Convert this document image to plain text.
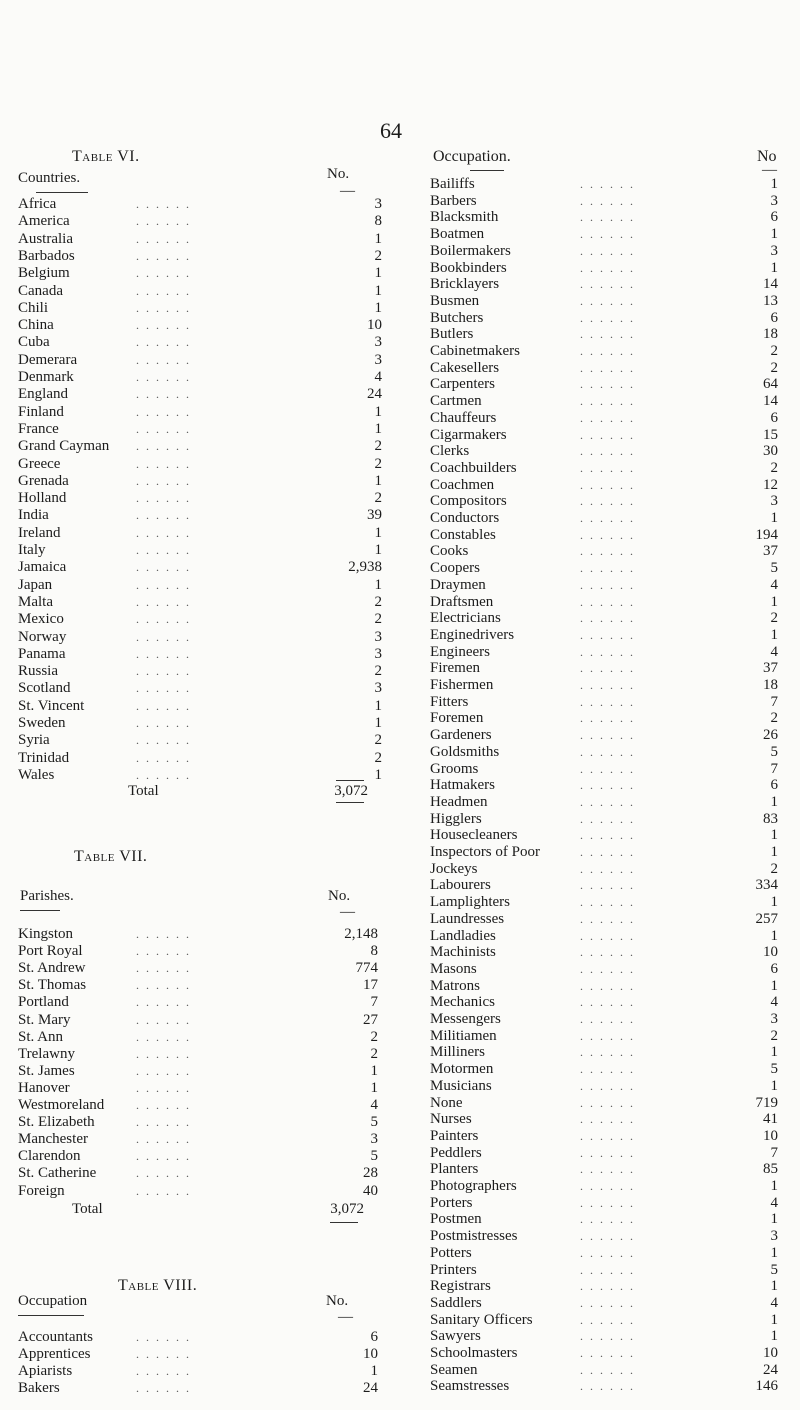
64
Table VI.
Countries.	No.
—
Africa	. . . . . .	3
America	. . . . . .	8
Australia	. . . . . .	1
Barbados	. . . . . .	2
Belgium	. . . . . .	1
Canada	. . . . . .	1
Chili	. . . . . .	1
China	. . . . . .	10
Cuba	. . . . . .	3
Demerara	. . . . . .	3
Denmark	. . . . . .	4
England	. . . . . .	24
Finland	. . . . . .	1
France	. . . . . .	1
Grand Cayman . . . . . .	2
Greece	. . . . . .	2
Grenada	. . . . . .	1
Holland	. . . . . .	2
India	. . . . . .	39
Ireland	. . . . . .	1
Italy	. . . . . .	1
Jamaica	. . . . . .	2,938
Japan	. . . . . .	1
Malta	. . . . . .	2
Mexico	. . . . . .	2
Norway	. . . . . .	3
Panama	. . . . . .	3
Russia	. . . . . .	2
Scotland	. . . . . .	3
St. Vincent	. . . . . .	1
Sweden	. . . . . .	1
Syria	. . . . . .	2
Trinidad	. . . . . .	2
Wales	. . . . . .	1
Total	3,072
Table VII.
Parishes.	No.
—
Kingston	. . . . . .	2,148
Port Royal	. . . . . .	8
St. Andrew	. . . . . .	774
St. Thomas	. . . . . .	17
Portland	. . . . . .	7
St. Mary	. . . . . .	27
St. Ann	. . . . . .	2
Trelawny	. . . . . .	2
St. James	. . . . . .	1
Hanover	. . . . . .	1
Westmoreland	. . . . . .	4
St. Elizabeth	. . . . . .	5
Manchester	. . . . . .	3
Clarendon	. . . . . .	5
St. Catherine	. . . . . .	28
Foreign	. . . . . .	40
Total	3,072
Table VIII.
Occupation	No.
—
Accountants	. . . . . .	6
Apprentices	. . . . . .	10
Apiarists	. . . . . .	1
Bakers	. . . . . .	24
Occupation.	No
—
Bailiffs	. . . . . .	1
Barbers	. . . . . .	3
Blacksmith	. . . . . .	6
Boatmen	. . . . . .	1
Boilermakers	. . . . . .	3
Bookbinders	. . . . . .	1
Bricklayers	. . . . . .	14
Busmen	. . . . . .	13
Butchers	. . . . . .	6
Butlers	. . . . . .	18
Cabinetmakers	. . . . . .	2
Cakesellers	. . . . . .	2
Carpenters	. . . . . .	64
Cartmen	. . . . . .	14
Chauffeurs	. . . . . .	6
Cigarmakers	. . . . . .	15
Clerks	. . . . . .	30
Coachbuilders	. . . . . .	2
Coachmen	. . . . . .	12
Compositors	. . . . . .	3
Conductors	. . . . . .	1
Constables	. . . . . .	194
Cooks	. . . . . .	37
Coopers	. . . . . .	5
Draymen	. . . . . .	4
Draftsmen	. . . . . .	1
Electricians	. . . . . .	2
Enginedrivers	. . . . . .	1
Engineers	. . . . . .	4
Firemen	. . . . . .	37
Fishermen	. . . . . .	18
Fitters	. . . . . .	7
Foremen	. . . . . .	2
Gardeners	. . . . . .	26
Goldsmiths	. . . . . .	5
Grooms	. . . . . .	7
Hatmakers	. . . . . .	6
Headmen	. . . . . .	1
Higglers	. . . . . .	83
Housecleaners	. . . . . .	1
Inspectors of Poor	. . . . . .	1
Jockeys	. . . . . .	2
Labourers	. . . . . .	334
Lamplighters	. . . . . .	1
Laundresses	. . . . . .	257
Landladies	. . . . . .	1
Machinists	. . . . . .	10
Masons	. . . . . .	6
Matrons	. . . . . .	1
Mechanics	. . . . . .	4
Messengers	. . . . . .	3
Militiamen	. . . . . .	2
Milliners	. . . . . .	1
Motormen	. . . . . .	5
Musicians	. . . . . .	1
None	. . . . . .	719
Nurses	. . . . . .	41
Painters	. . . . . .	10
Peddlers	. . . . . .	7
Planters	. . . . . .	85
Photographers	. . . . . .	1
Porters	. . . . . .	4
Postmen	. . . . . .	1
Postmistresses	. . . . . .	3
Potters	. . . . . .	1
Printers	. . . . . .	5
Registrars	. . . . . .	1
Saddlers	. . . . . .	4
Sanitary Officers	. . . . . .	1
Sawyers	. . . . . .	1
Schoolmasters	. . . . . .	10
Seamen	. . . . . .	24
Seamstresses	. . . . . .	146
